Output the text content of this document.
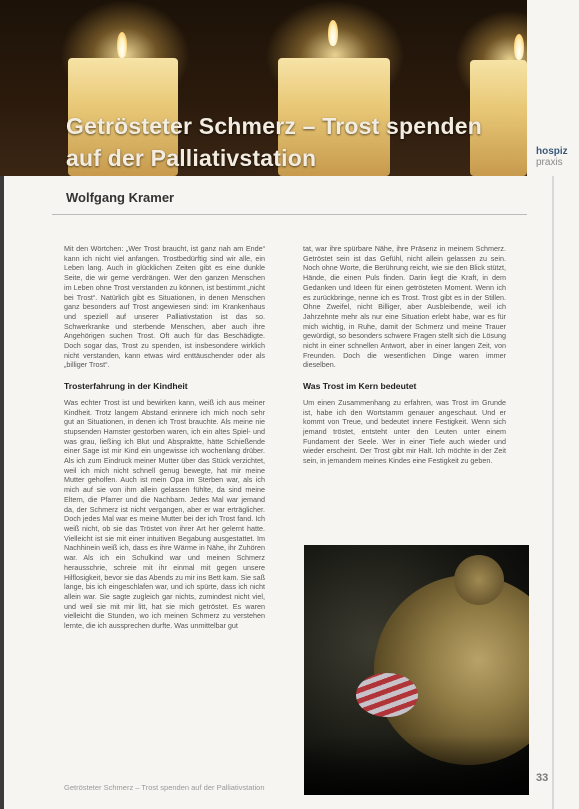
Getrösteter Schmerz – Trost spenden
auf der Palliativstation	hospiz
praxis
Wolfgang Kramer

Mit den Wörtchen: „Wer Trost braucht, ist ganz nah am Ende“ kann ich nicht viel anfangen. Trostbedürftig sind wir alle, ein Leben lang. Auch in glücklichen Zeiten gibt es eine dunkle Seite, die wir gerne verdrängen. Wer den ganzen Menschen im Leben ohne Trost verstanden zu können, ist bestimmt „nicht bei Trost“. Natürlich gibt es Situationen, in denen Menschen ganz besonders auf Trost angewiesen sind: im Krankenhaus und speziell auf unserer Palliativstation ist das so. Schwerkranke und sterbende Menschen, aber auch ihre Angehörigen suchen Trost. Oft auch für das Beschädigte. Doch sogar das, Trost zu spenden, ist insbesondere wirklich nicht verstanden, kann etwas wird enttäuschender oder als „billiger Trost“.

Trosterfahrung in der Kindheit

Was echter Trost ist und bewirken kann, weiß ich aus meiner Kindheit. Trotz langem Abstand erinnere ich mich noch sehr gut an Situationen, in denen ich Trost brauchte. Als meine nie stupsenden Hamster gestorben waren, ich ein altes Spiel- und was grau, ließing ich Blut und Abspraktte, hätte Schießende einer Sage ist mir Kind ein ungewisse ich wochenlang drüber. Als ich zum Eindruck meiner Mutter über das Stück verzichtet, weil ich mich nicht schnell genug bewegte, hat mir meine Mutter geholfen. Auch ist mein Opa im Sterben war, als ich mich auf sie von ihm allein gelassen fühlte, da sind meine Eltern, die Pfarrer und die Nachbarn. Jedes Mal war jemand da, der Schmerz ist nicht vergangen, aber er war erträglicher. Doch jedes Mal war es meine Mutter bei der ich Trost fand. Ich weiß nicht, ob sie das Tröstet von ihrer Art her gelernt hatte. Vielleicht ist sie mit einer intuitiven Begabung ausgestattet. Im Nachhinein weiß ich, dass es ihre Wärme in Nähe, ihr Zuhören war. Als ich ein Schulkind war und meinen Schmerz herausschrie, schreie mit ihr einmal mit gegen unsere Hilflosigkeit, bevor sie das Abends zu mir ins Bett kam. Sie saß lange, bis ich eingeschlafen war, und ich spürte, dass ich nicht allein war. Sie sagte zugleich gar nichts, zumindest nicht viel, und weil sie mit mir litt, hat sie mich getröstet. Es waren vielleicht die Stunden, wo ich meinen Schmerz zu verstehen lernte, die ich aussprechen durfte. Was unmittelbar gut

tat, war ihre spürbare Nähe, ihre Präsenz in meinem Schmerz. Getröstet sein ist das Gefühl, nicht allein gelassen zu sein. Noch ohne Worte, die Berührung reicht, wie sie den Blick stützt, Hände, die einen Puls finden. Darin liegt die Kraft, in dem Gedanken und Ideen für einen getrösteten Moment. Wenn ich es zurückbringe, nenne ich es Trost. Trost gibt es in der Stillen. Ohne Zweifel, nicht Billiger, aber Ausbleibende, weil ich Jahrzehnte mehr als nur eine Situation erlebt habe, war es für mich wichtig, in Ruhe, damit der Schmerz und meine Trauer gewürdigt, so besonders schwere Fragen stellt sich die Lösung nicht in einer schnellen Antwort, aber in einer langen Zeit, von Freunden. Doch die wesentlichen Dinge waren immer dieselben.

Was Trost im Kern bedeutet

Um einen Zusammenhang zu erfahren, was Trost im Grunde ist, habe ich den Wortstamm genauer angeschaut. Und er kommt von Treue, und bedeutet innere Festigkeit. Wenn sich jemand tröstet, entsteht unter den Leuten unter einem Fundament der Seele. Wer in einer Tiefe auch wieder und wieder erscheint. Der Trost gibt mir Halt. Ich möchte in der Zeit sein, in jemandem meines Kindes eine Festigkeit zu geben.

Getrösteter Schmerz – Trost spenden auf der Palliativstation
33
